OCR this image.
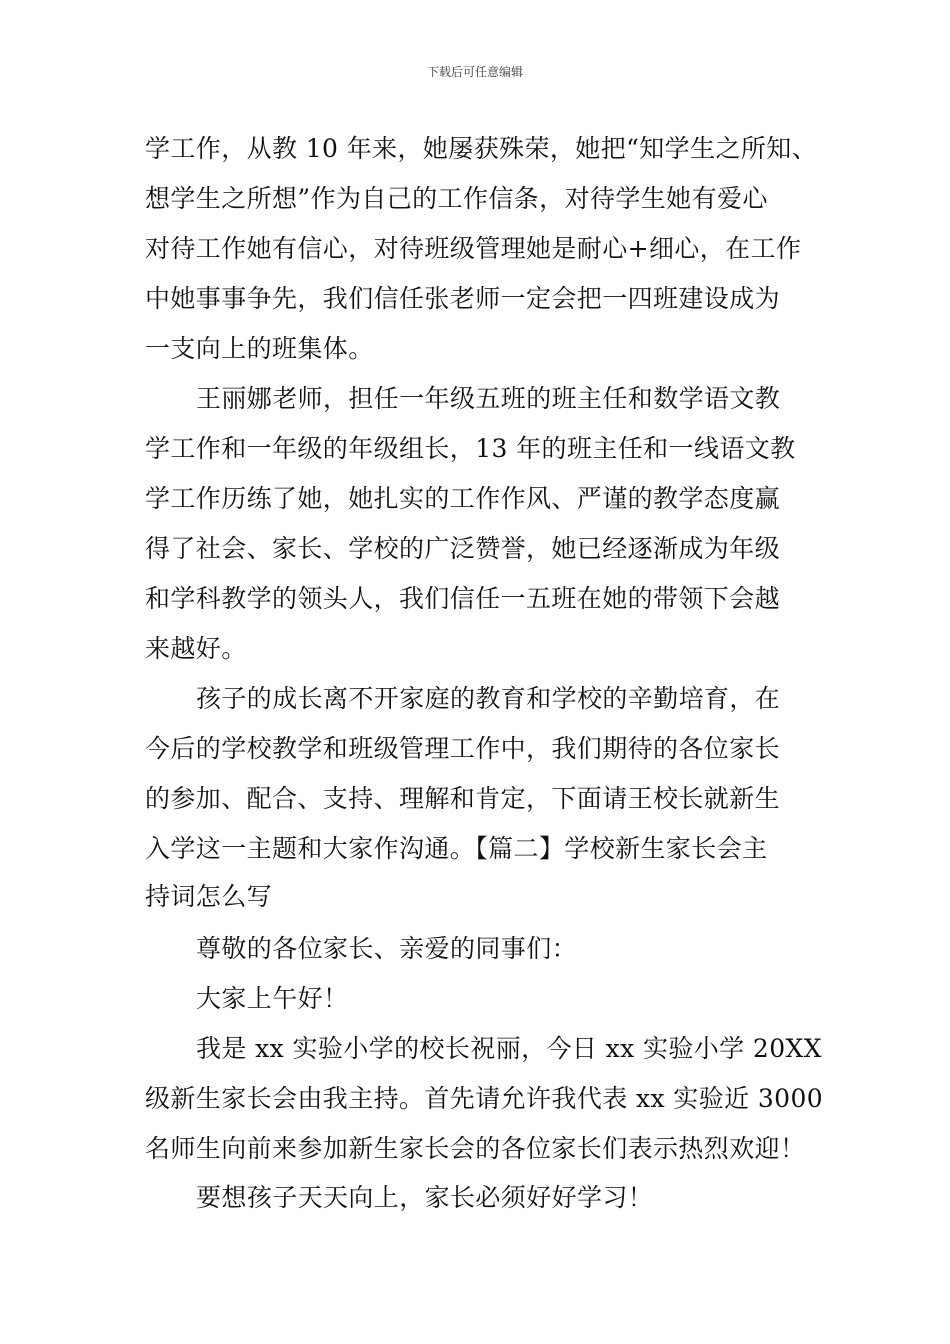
下载后可任意编辑
学工作，从教 10 年来，她屡获殊荣，她把“知学生之所知、
想学生之所想”作为自己的工作信条，对待学生她有爱心
对待工作她有信心，对待班级管理她是耐心+细心，在工作
中她事事争先，我们信任张老师一定会把一四班建设成为
一支向上的班集体。
王丽娜老师，担任一年级五班的班主任和数学语文教
学工作和一年级的年级组长，13 年的班主任和一线语文教
学工作历练了她，她扎实的工作作风、严谨的教学态度赢
得了社会、家长、学校的广泛赞誉，她已经逐渐成为年级
和学科教学的领头人，我们信任一五班在她的带领下会越
来越好。
孩子的成长离不开家庭的教育和学校的辛勤培育，在
今后的学校教学和班级管理工作中，我们期待的各位家长
的参加、配合、支持、理解和肯定，下面请王校长就新生
入学这一主题和大家作沟通。【篇二】学校新生家长会主
持词怎么写
尊敬的各位家长、亲爱的同事们：
大家上午好！
我是 xx 实验小学的校长祝丽，今日 xx 实验小学 20XX
级新生家长会由我主持。首先请允许我代表 xx 实验近 3000
名师生向前来参加新生家长会的各位家长们表示热烈欢迎！
要想孩子天天向上，家长必须好好学习！
